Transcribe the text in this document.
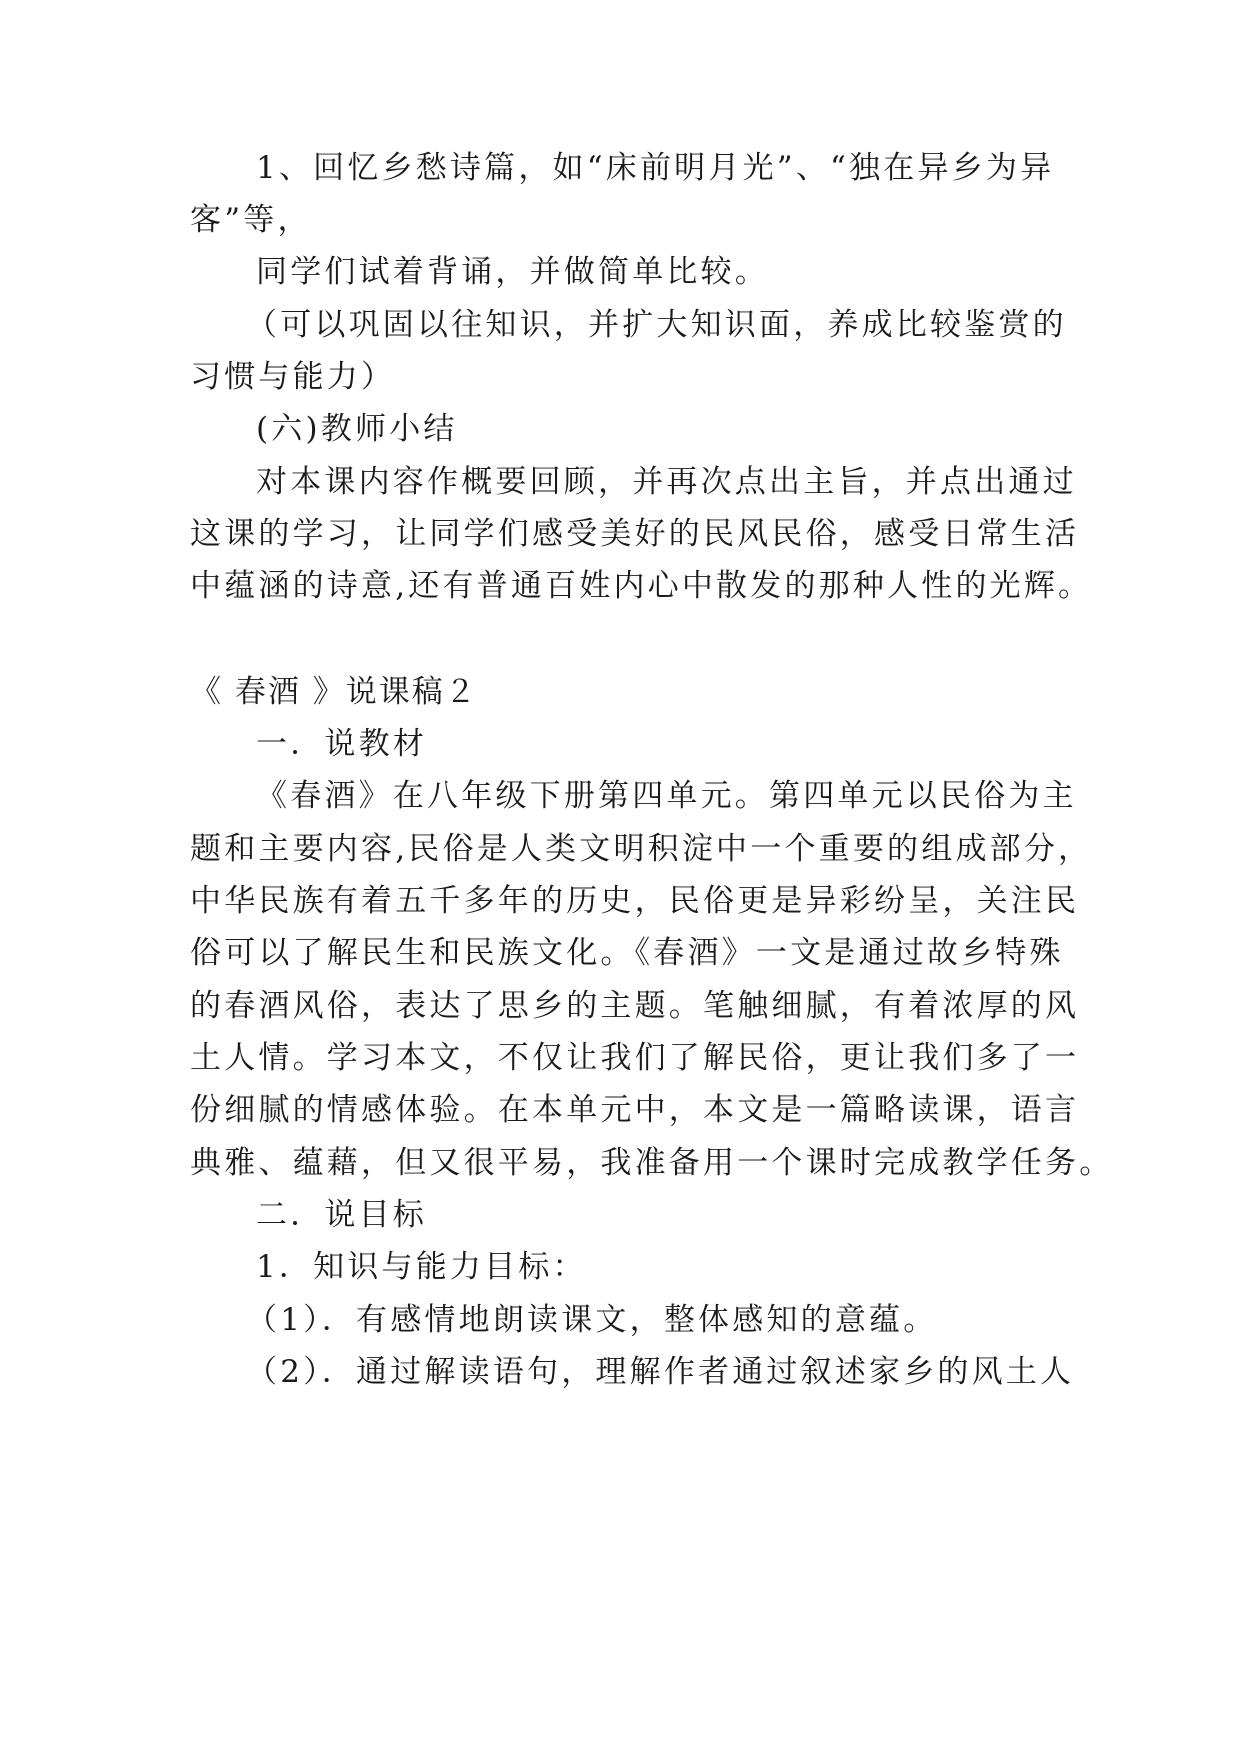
1、回忆乡愁诗篇，如“床前明月光”、“独在异乡为异
客”等，
同学们试着背诵，并做简单比较。
（可以巩固以往知识，并扩大知识面，养成比较鉴赏的
习惯与能力）
(六)教师小结
对本课内容作概要回顾，并再次点出主旨，并点出通过
这课的学习，让同学们感受美好的民风民俗，感受日常生活
中蕴涵的诗意,还有普通百姓内心中散发的那种人性的光辉。
《 春酒 》说课稿２
一．说教材
《春酒》在八年级下册第四单元。第四单元以民俗为主
题和主要内容,民俗是人类文明积淀中一个重要的组成部分，
中华民族有着五千多年的历史，民俗更是异彩纷呈，关注民
俗可以了解民生和民族文化。《春酒》一文是通过故乡特殊
的春酒风俗，表达了思乡的主题。笔触细腻，有着浓厚的风
土人情。学习本文，不仅让我们了解民俗，更让我们多了一
份细腻的情感体验。在本单元中，本文是一篇略读课，语言
典雅、蕴藉，但又很平易，我准备用一个课时完成教学任务。
二．说目标
1．知识与能力目标：
（1）．有感情地朗读课文，整体感知的意蕴。
（2）．通过解读语句，理解作者通过叙述家乡的风土人
